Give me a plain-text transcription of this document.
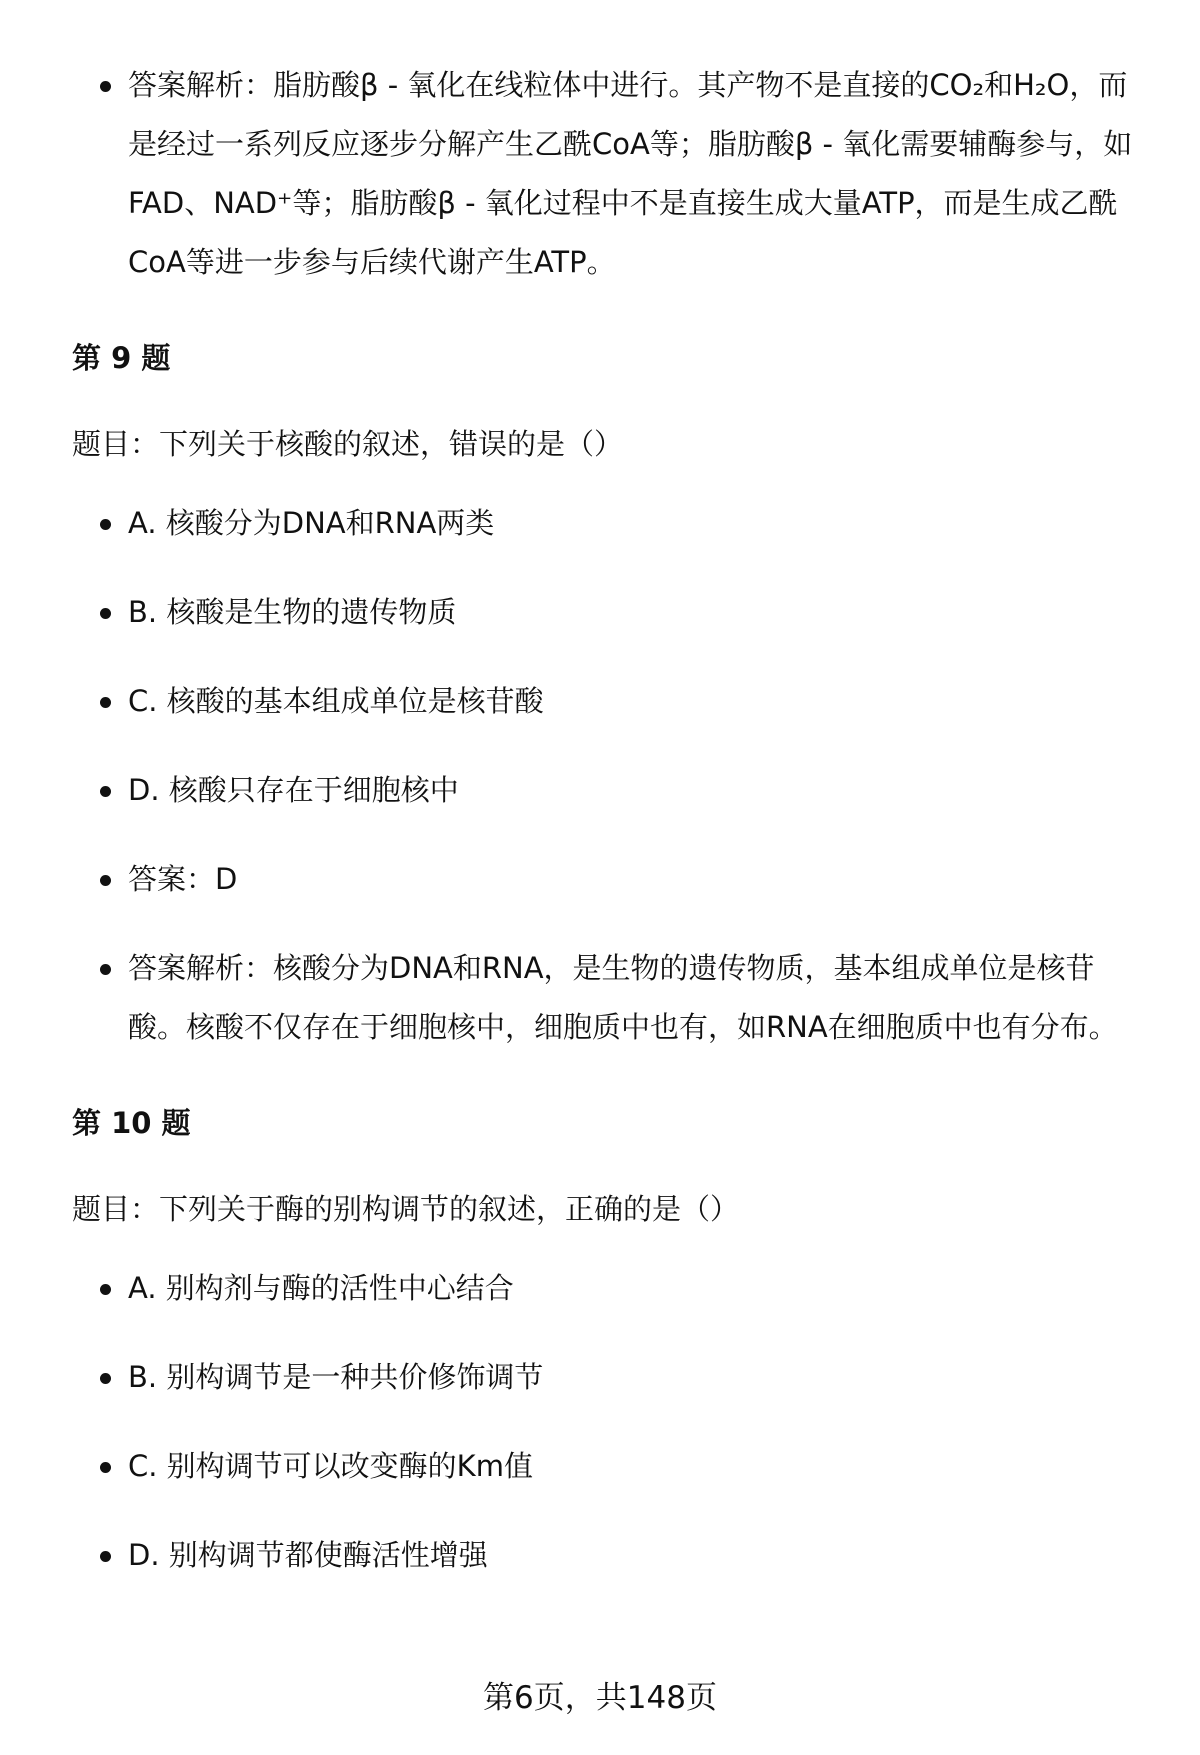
答案解析：脂肪酸β - 氧化在线粒体中进行。其产物不是直接的CO₂和H₂O，而是经过一系列反应逐步分解产生乙酰CoA等；脂肪酸β - 氧化需要辅酶参与，如FAD、NAD⁺等；脂肪酸β - 氧化过程中不是直接生成大量ATP，而是生成乙酰CoA等进一步参与后续代谢产生ATP。

第 9 题

题目：下列关于核酸的叙述，错误的是（）

A. 核酸分为DNA和RNA两类

B. 核酸是生物的遗传物质

C. 核酸的基本组成单位是核苷酸

D. 核酸只存在于细胞核中

答案：D

答案解析：核酸分为DNA和RNA，是生物的遗传物质，基本组成单位是核苷酸。核酸不仅存在于细胞核中，细胞质中也有，如RNA在细胞质中也有分布。

第 10 题

题目：下列关于酶的别构调节的叙述，正确的是（）

A. 别构剂与酶的活性中心结合

B. 别构调节是一种共价修饰调节

C. 别构调节可以改变酶的Km值

D. 别构调节都使酶活性增强

第6页，共148页
